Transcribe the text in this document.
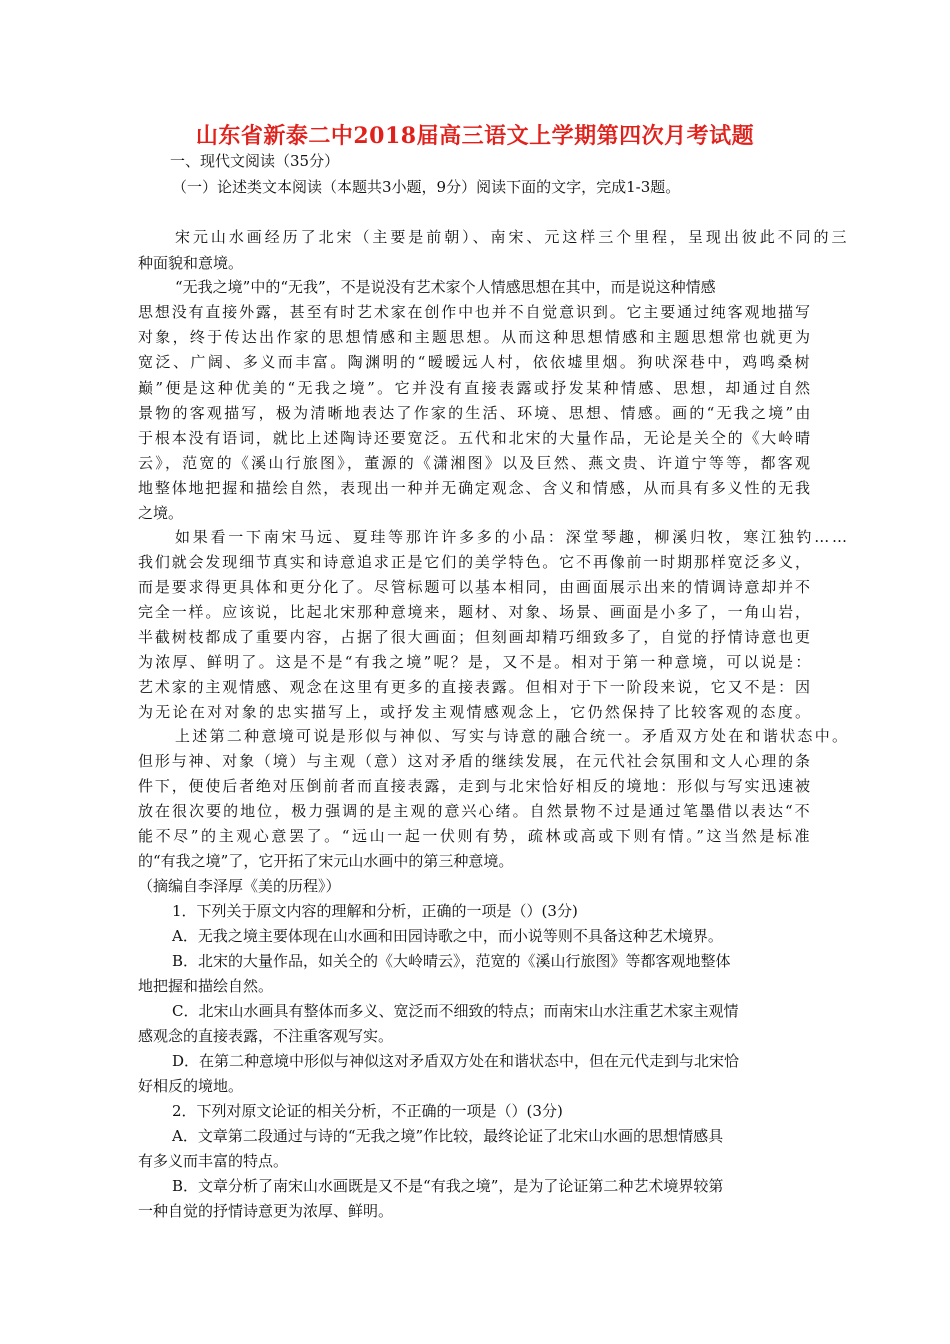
山东省新泰二中2018届高三语文上学期第四次月考试题
一、现代文阅读（35分）
（一）论述类文本阅读（本题共3小题，9分）阅读下面的文字，完成1-3题。
宋元山水画经历了北宋（主要是前朝）、南宋、元这样三个里程，呈现出彼此不同的三
种面貌和意境。
“无我之境”中的“无我”，不是说没有艺术家个人情感思想在其中，而是说这种情感
思想没有直接外露，甚至有时艺术家在创作中也并不自觉意识到。它主要通过纯客观地描写
对象，终于传达出作家的思想情感和主题思想。从而这种思想情感和主题思想常也就更为
宽泛、广阔、多义而丰富。陶渊明的“暧暧远人村，依依墟里烟。狗吠深巷中，鸡鸣桑树
巅”便是这种优美的“无我之境”。它并没有直接表露或抒发某种情感、思想，却通过自然
景物的客观描写，极为清晰地表达了作家的生活、环境、思想、情感。画的“无我之境”由
于根本没有语词，就比上述陶诗还要宽泛。五代和北宋的大量作品，无论是关仝的《大岭晴
云》，范宽的《溪山行旅图》，董源的《潇湘图》以及巨然、燕文贵、许道宁等等，都客观
地整体地把握和描绘自然，表现出一种并无确定观念、含义和情感，从而具有多义性的无我
之境。
如果看一下南宋马远、夏珪等那许许多多的小品：深堂琴趣，柳溪归牧，寒江独钓……
我们就会发现细节真实和诗意追求正是它们的美学特色。它不再像前一时期那样宽泛多义，
而是要求得更具体和更分化了。尽管标题可以基本相同，由画面展示出来的情调诗意却并不
完全一样。应该说，比起北宋那种意境来，题材、对象、场景、画面是小多了，一角山岩，
半截树枝都成了重要内容，占据了很大画面；但刻画却精巧细致多了，自觉的抒情诗意也更
为浓厚、鲜明了。这是不是“有我之境”呢？是，又不是。相对于第一种意境，可以说是：
艺术家的主观情感、观念在这里有更多的直接表露。但相对于下一阶段来说，它又不是：因
为无论在对对象的忠实描写上，或抒发主观情感观念上，它仍然保持了比较客观的态度。
上述第二种意境可说是形似与神似、写实与诗意的融合统一。矛盾双方处在和谐状态中。
但形与神、对象（境）与主观（意）这对矛盾的继续发展，在元代社会氛围和文人心理的条
件下，便使后者绝对压倒前者而直接表露，走到与北宋恰好相反的境地：形似与写实迅速被
放在很次要的地位，极力强调的是主观的意兴心绪。自然景物不过是通过笔墨借以表达“不
能不尽”的主观心意罢了。“远山一起一伏则有势，疏林或高或下则有情。”这当然是标准
的“有我之境”了，它开拓了宋元山水画中的第三种意境。
（摘编自李泽厚《美的历程》）
1．下列关于原文内容的理解和分析，正确的一项是（）(3分)
A．无我之境主要体现在山水画和田园诗歌之中，而小说等则不具备这种艺术境界。
B．北宋的大量作品，如关仝的《大岭晴云》，范宽的《溪山行旅图》等都客观地整体
地把握和描绘自然。
C．北宋山水画具有整体而多义、宽泛而不细致的特点；而南宋山水注重艺术家主观情
感观念的直接表露，不注重客观写实。
D．在第二种意境中形似与神似这对矛盾双方处在和谐状态中，但在元代走到与北宋恰
好相反的境地。
2．下列对原文论证的相关分析，不正确的一项是（）(3分)
A．文章第二段通过与诗的“无我之境”作比较，最终论证了北宋山水画的思想情感具
有多义而丰富的特点。
B．文章分析了南宋山水画既是又不是“有我之境”，是为了论证第二种艺术境界较第
一种自觉的抒情诗意更为浓厚、鲜明。
